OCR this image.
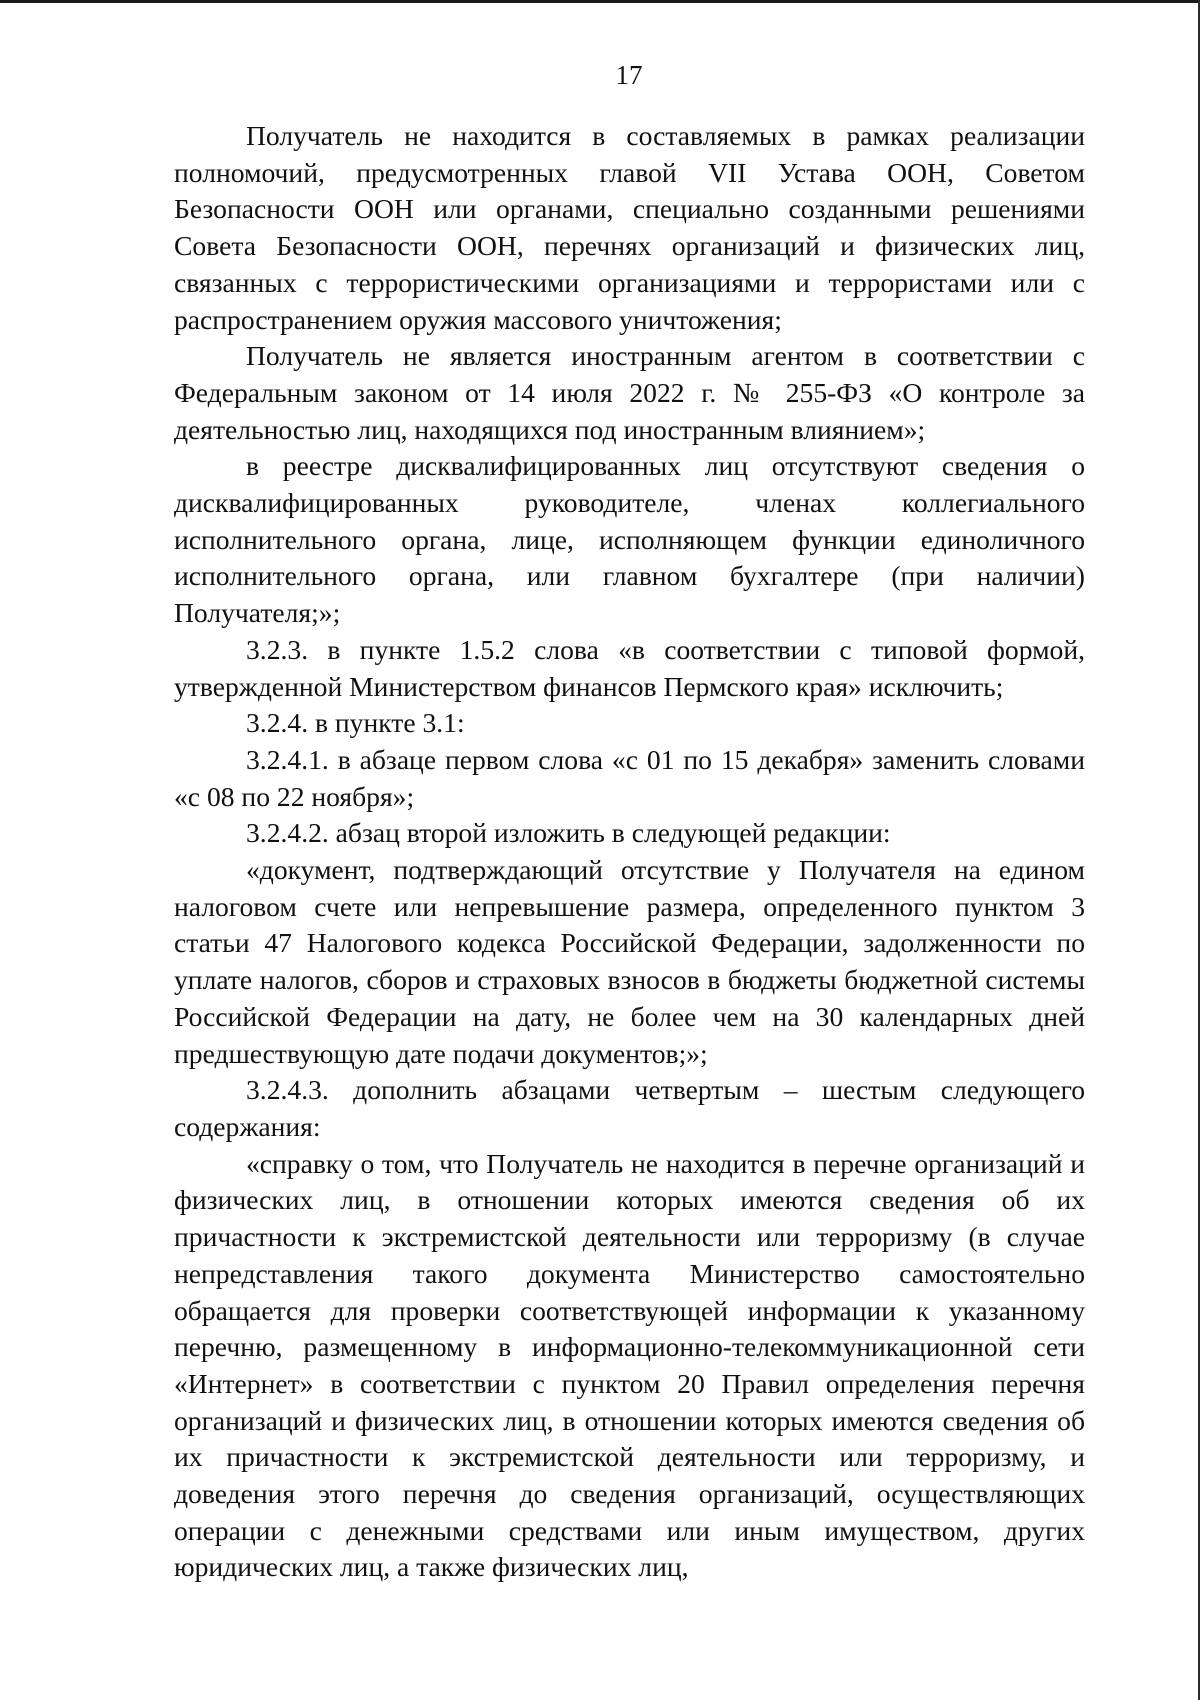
17

Получатель не находится в составляемых в рамках реализации полномочий, предусмотренных главой VII Устава ООН, Советом Безопасности ООН или органами, специально созданными решениями Совета Безопасности ООН, перечнях организаций и физических лиц, связанных с террористическими организациями и террористами или с распространением оружия массового уничтожения;

Получатель не является иностранным агентом в соответствии с Федеральным законом от 14 июля 2022 г. № 255-ФЗ «О контроле за деятельностью лиц, находящихся под иностранным влиянием»;

в реестре дисквалифицированных лиц отсутствуют сведения о дисквалифицированных руководителе, членах коллегиального исполнительного органа, лице, исполняющем функции единоличного исполнительного органа, или главном бухгалтере (при наличии) Получателя;»;

3.2.3. в пункте 1.5.2 слова «в соответствии с типовой формой, утвержденной Министерством финансов Пермского края» исключить;

3.2.4. в пункте 3.1:

3.2.4.1. в абзаце первом слова «с 01 по 15 декабря» заменить словами «с 08 по 22 ноября»;

3.2.4.2. абзац второй изложить в следующей редакции:

«документ, подтверждающий отсутствие у Получателя на едином налоговом счете или непревышение размера, определенного пунктом 3 статьи 47 Налогового кодекса Российской Федерации, задолженности по уплате налогов, сборов и страховых взносов в бюджеты бюджетной системы Российской Федерации на дату, не более чем на 30 календарных дней предшествующую дате подачи документов;»;

3.2.4.3. дополнить абзацами четвертым – шестым следующего содержания:

«справку о том, что Получатель не находится в перечне организаций и физических лиц, в отношении которых имеются сведения об их причастности к экстремистской деятельности или терроризму (в случае непредставления такого документа Министерство самостоятельно обращается для проверки соответствующей информации к указанному перечню, размещенному в информационно-телекоммуникационной сети «Интернет» в соответствии с пунктом 20 Правил определения перечня организаций и физических лиц, в отношении которых имеются сведения об их причастности к экстремистской деятельности или терроризму, и доведения этого перечня до сведения организаций, осуществляющих операции с денежными средствами или иным имуществом, других юридических лиц, а также физических лиц,
